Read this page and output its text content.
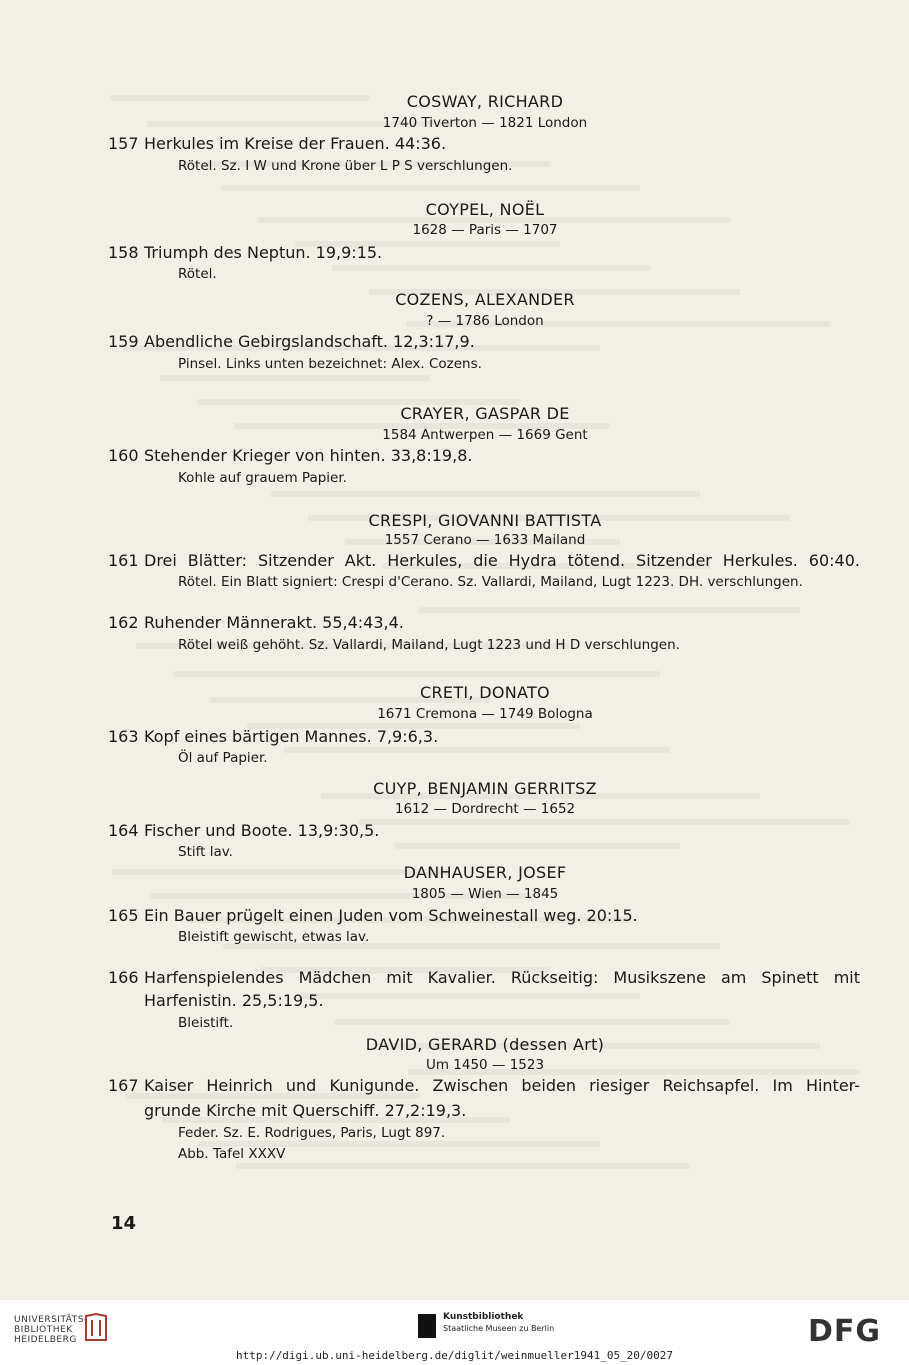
COSWAY, RICHARD
1740 Tiverton — 1821 London
157 Herkules im Kreise der Frauen. 44:36.
Rötel. Sz. I W und Krone über L P S verschlungen.
COYPEL, NOËL
1628 — Paris — 1707
158 Triumph des Neptun. 19,9:15.
Rötel.
COZENS, ALEXANDER
? — 1786 London
159 Abendliche Gebirgslandschaft. 12,3:17,9.
Pinsel. Links unten bezeichnet: Alex. Cozens.
CRAYER, GASPAR DE
1584 Antwerpen — 1669 Gent
160 Stehender Krieger von hinten. 33,8:19,8.
Kohle auf grauem Papier.
CRESPI, GIOVANNI BATTISTA
1557 Cerano — 1633 Mailand
161 Drei Blätter: Sitzender Akt. Herkules, die Hydra tötend. Sitzender Herkules. 60:40.
Rötel. Ein Blatt signiert: Crespi d'Cerano. Sz. Vallardi, Mailand, Lugt 1223. DH. verschlungen.
162 Ruhender Männerakt. 55,4:43,4.
Rötel weiß gehöht. Sz. Vallardi, Mailand, Lugt 1223 und H D verschlungen.
CRETI, DONATO
1671 Cremona — 1749 Bologna
163 Kopf eines bärtigen Mannes. 7,9:6,3.
Öl auf Papier.
CUYP, BENJAMIN GERRITSZ
1612 — Dordrecht — 1652
164 Fischer und Boote. 13,9:30,5.
Stift lav.
DANHAUSER, JOSEF
1805 — Wien — 1845
165 Ein Bauer prügelt einen Juden vom Schweinestall weg. 20:15.
Bleistift gewischt, etwas lav.
166 Harfenspielendes Mädchen mit Kavalier. Rückseitig: Musikszene am Spinett mit
Harfenistin. 25,5:19,5.
Bleistift.
DAVID, GERARD (dessen Art)
Um 1450 — 1523
167 Kaiser Heinrich und Kunigunde. Zwischen beiden riesiger Reichsapfel. Im Hinter-
grunde Kirche mit Querschiff. 27,2:19,3.
Feder. Sz. E. Rodrigues, Paris, Lugt 897.
Abb. Tafel XXXV
14
UNIVERSITÄTS-
BIBLIOTHEK
HEIDELBERG
Kunstbibliothek
Staatliche Museen zu Berlin	DFG
http://digi.ub.uni-heidelberg.de/diglit/weinmueller1941_05_20/0027
